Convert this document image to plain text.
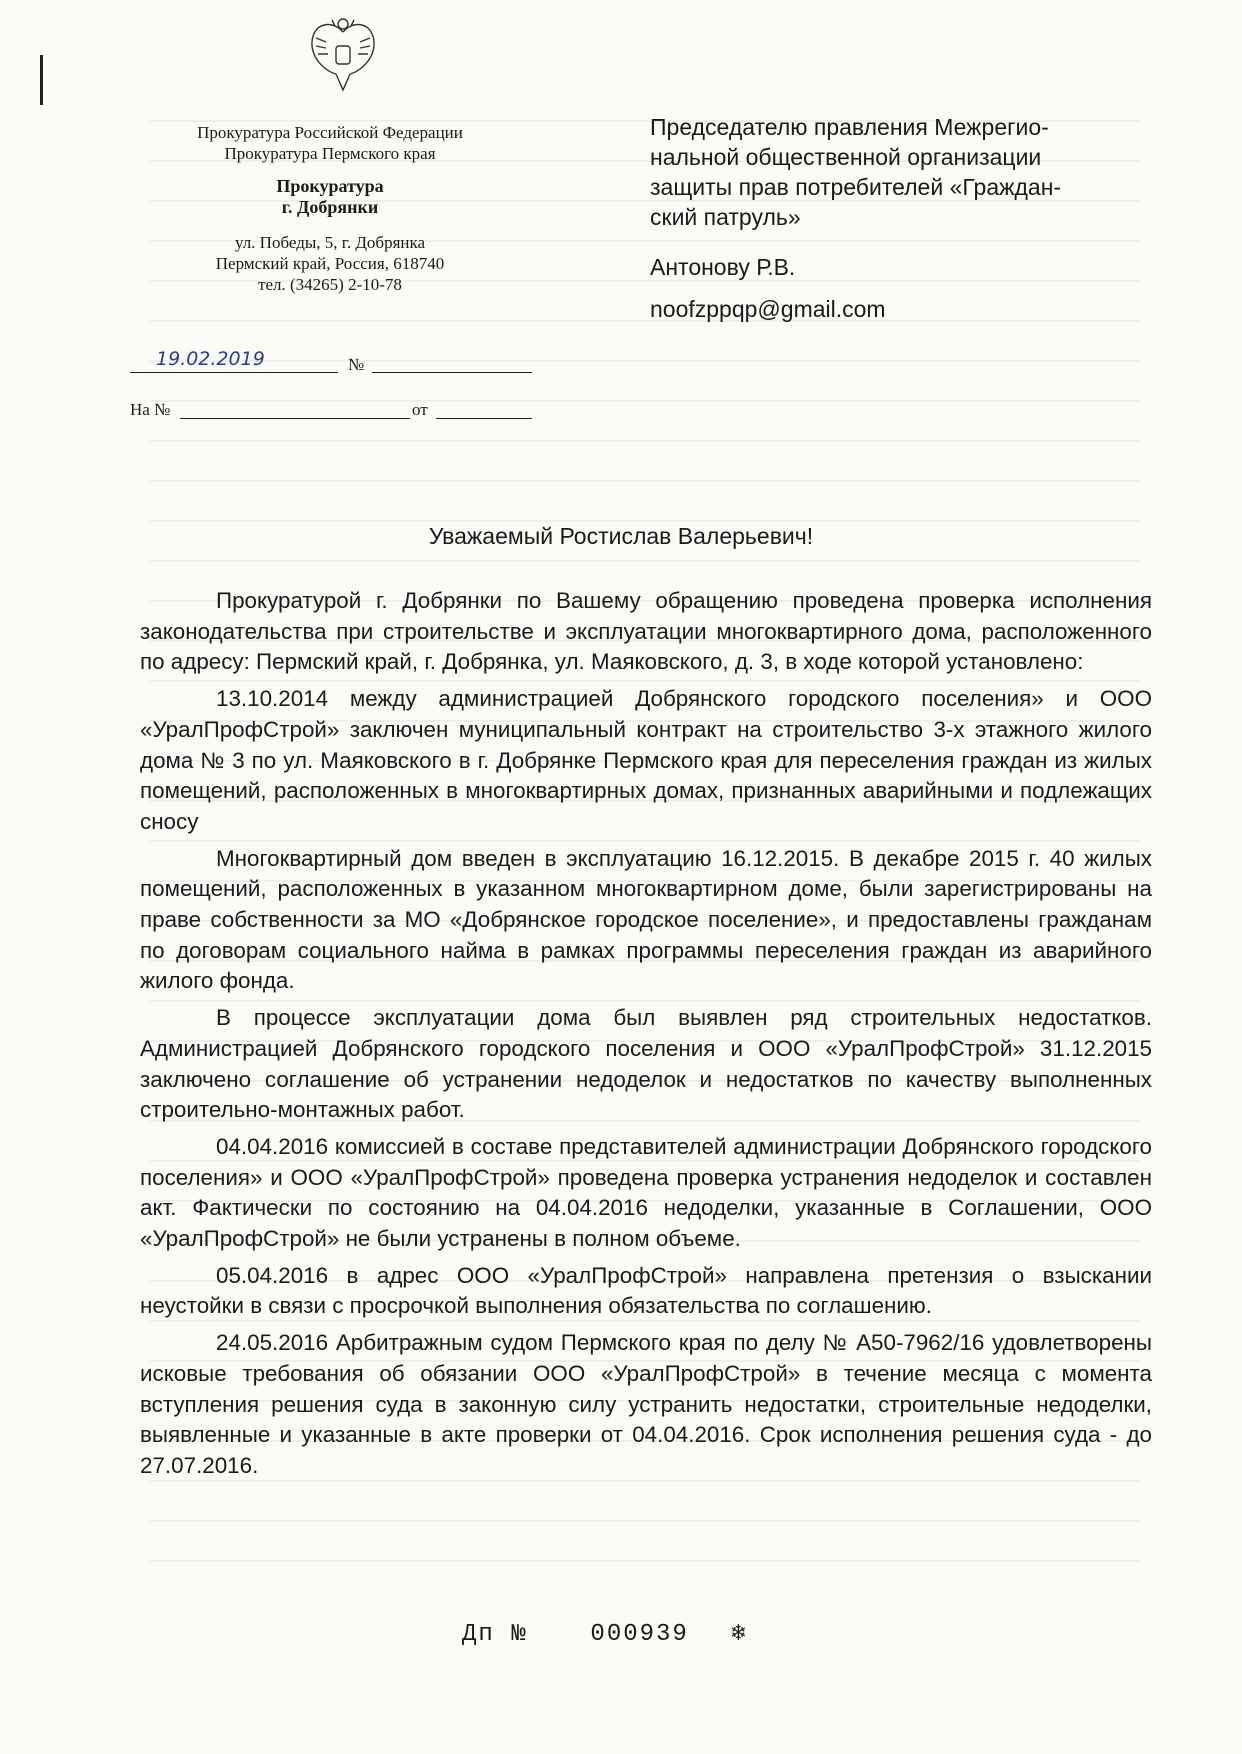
Прокуратура Российской Федерации
Прокуратура Пермского края
Прокуратура
г. Добрянки
ул. Победы, 5, г. Добрянка
Пермский край, Россия, 618740
тел. (34265) 2-10-78
Председателю правления Межрегио-
нальной общественной организации
защиты прав потребителей «Граждан-
ский патруль»
Антонову Р.В.
noofzppqp@gmail.com
19.02.2019	№
На №	от
Уважаемый Ростислав Валерьевич!

Прокуратурой г. Добрянки по Вашему обращению проведена проверка исполнения законодательства при строительстве и эксплуатации многоквартирного дома, расположенного по адресу: Пермский край, г. Добрянка, ул. Маяковского, д. 3, в ходе которой установлено:

13.10.2014 между администрацией Добрянского городского поселения» и ООО «УралПрофСтрой» заключен муниципальный контракт на строительство 3-х этажного жилого дома № 3 по ул. Маяковского в г. Добрянке Пермского края для переселения граждан из жилых помещений, расположенных в многоквартирных домах, признанных аварийными и подлежащих сносу

Многоквартирный дом введен в эксплуатацию 16.12.2015. В декабре 2015 г. 40 жилых помещений, расположенных в указанном многоквартирном доме, были зарегистрированы на праве собственности за МО «Добрянское городское поселение», и предоставлены гражданам по договорам социального найма в рамках программы переселения граждан из аварийного жилого фонда.

В процессе эксплуатации дома был выявлен ряд строительных недостатков. Администрацией Добрянского городского поселения и ООО «УралПрофСтрой» 31.12.2015 заключено соглашение об устранении недоделок и недостатков по качеству выполненных строительно-монтажных работ.

04.04.2016 комиссией в составе представителей администрации Добрянского городского поселения» и ООО «УралПрофСтрой» проведена проверка устранения недоделок и составлен акт. Фактически по состоянию на 04.04.2016 недоделки, указанные в Соглашении, ООО «УралПрофСтрой» не были устранены в полном объеме.

05.04.2016 в адрес ООО «УралПрофСтрой» направлена претензия о взыскании неустойки в связи с просрочкой выполнения обязательства по соглашению.

24.05.2016 Арбитражным судом Пермского края по делу № А50-7962/16 удовлетворены исковые требования об обязании ООО «УралПрофСтрой» в течение месяца с момента вступления решения суда в законную силу устранить недостатки, строительные недоделки, выявленные и указанные в акте проверки от 04.04.2016. Срок исполнения решения суда - до 27.07.2016.

Дп №	000939 ❄
